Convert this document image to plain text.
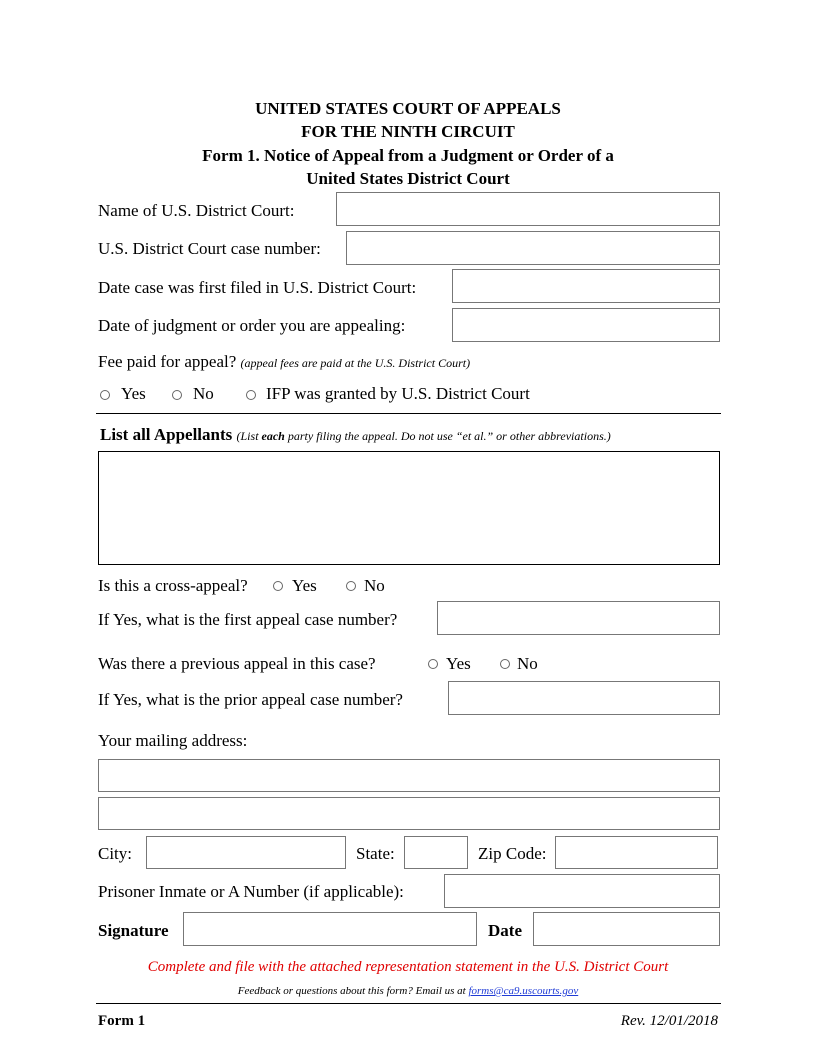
UNITED STATES COURT OF APPEALS
FOR THE NINTH CIRCUIT
Form 1. Notice of Appeal from a Judgment or Order of a
United States District Court
Name of U.S. District Court:
U.S. District Court case number:
Date case was first filed in U.S. District Court:
Date of judgment or order you are appealing:
Fee paid for appeal? (appeal fees are paid at the U.S. District Court)
Yes	No	IFP was granted by U.S. District Court
List all Appellants (List each party filing the appeal. Do not use “et al.” or other abbreviations.)
Is this a cross-appeal?	Yes	No
If Yes, what is the first appeal case number?
Was there a previous appeal in this case?	Yes	No
If Yes, what is the prior appeal case number?
Your mailing address:
City:	State:	Zip Code:
Prisoner Inmate or A Number (if applicable):
Signature	Date
Complete and file with the attached representation statement in the U.S. District Court
Feedback or questions about this form? Email us at forms@ca9.uscourts.gov
Form 1	Rev. 12/01/2018
